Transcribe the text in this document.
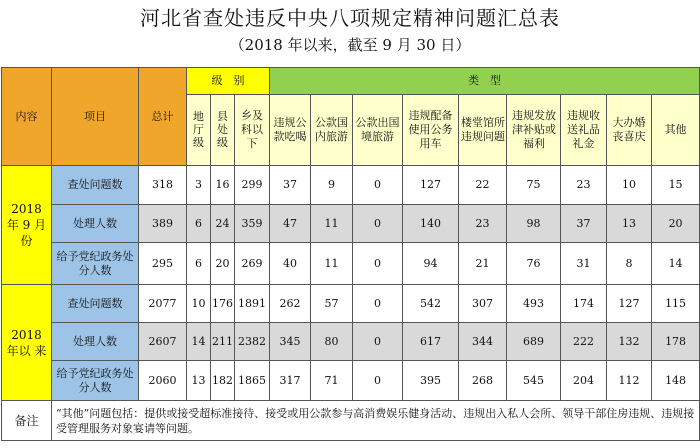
河北省查处违反中央八项规定精神问题汇总表
（2018 年以来，截至 9 月 30 日）
内容	项目	总计	级　别			类　型								
			地厅级	县处级	乡及科以下	违规公款吃喝	公款国内旅游	公款出国境旅游	违规配备使用公务用车	楼堂馆所违规问题	违规发放津补贴或福利	违规收送礼品礼金	大办婚丧喜庆	其他
2018 年 9 月份	查处问题数	318	3	16	299	37	9	0	127	22	75	23	10	15
	处理人数	389	6	24	359	47	11	0	140	23	98	37	13	20
	给予党纪政务处分人数	295	6	20	269	40	11	0	94	21	76	31	8	14
2018 年以 来	查处问题数	2077	10	176	1891	262	57	0	542	307	493	174	127	115
	处理人数	2607	14	211	2382	345	80	0	617	344	689	222	132	178
	给予党纪政务处分人数	2060	13	182	1865	317	71	0	395	268	545	204	112	148
备注	“其他”问题包括：提供或接受超标准接待、接受或用公款参与高消费娱乐健身活动、违规出入私人会所、领导干部住房违规、违规接受管理服务对象宴请等问题。													
